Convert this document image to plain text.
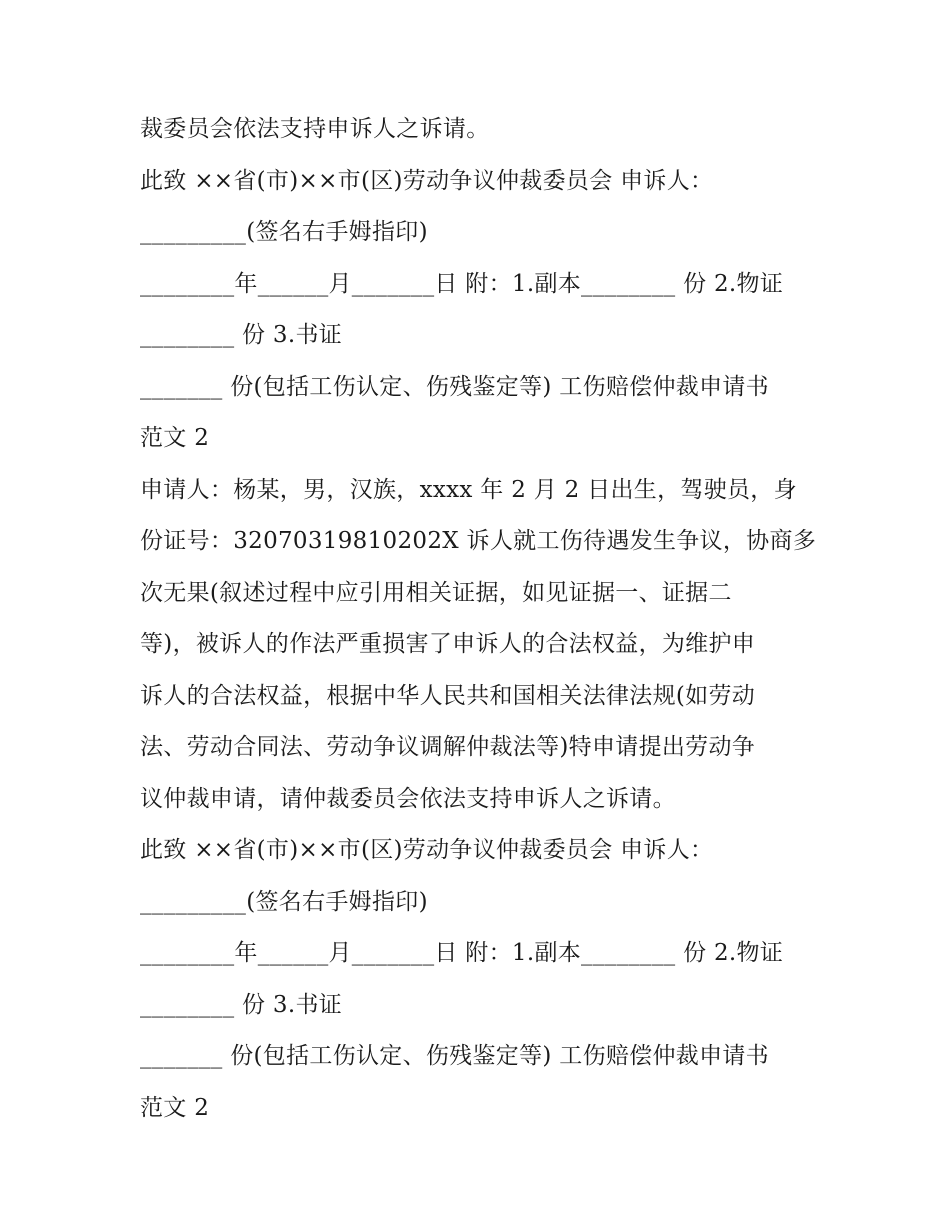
裁委员会依法支持申诉人之诉请。
此致 ××省(市)××市(区)劳动争议仲裁委员会 申诉人：
_________(签名右手姆指印)
________年______月_______日 附：1.副本________ 份 2.物证
________ 份 3.书证
_______ 份(包括工伤认定、伤残鉴定等) 工伤赔偿仲裁申请书
范文 2
申请人：杨某，男，汉族，xxxx 年 2 月 2 日出生，驾驶员，身
份证号：32070319810202X 诉人就工伤待遇发生争议，协商多
次无果(叙述过程中应引用相关证据，如见证据一、证据二
等)，被诉人的作法严重损害了申诉人的合法权益，为维护申
诉人的合法权益，根据中华人民共和国相关法律法规(如劳动
法、劳动合同法、劳动争议调解仲裁法等)特申请提出劳动争
议仲裁申请，请仲裁委员会依法支持申诉人之诉请。
此致 ××省(市)××市(区)劳动争议仲裁委员会 申诉人：
_________(签名右手姆指印)
________年______月_______日 附：1.副本________ 份 2.物证
________ 份 3.书证
_______ 份(包括工伤认定、伤残鉴定等) 工伤赔偿仲裁申请书
范文 2
